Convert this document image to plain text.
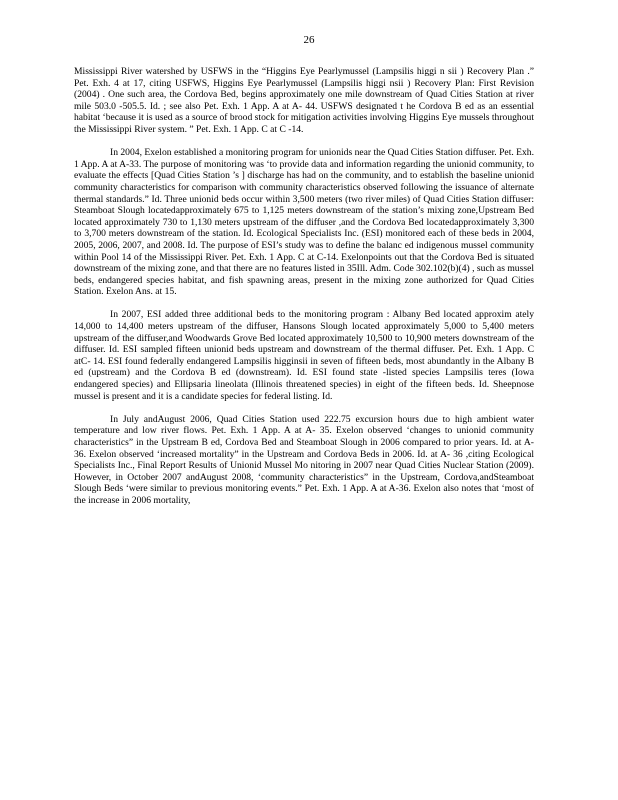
26

Mississippi River watershed by USFWS in the “Higgins Eye Pearlymussel (Lampsilis higgi n sii ) Recovery Plan .” Pet. Exh. 4 at 17, citing USFWS, Higgins Eye Pearlymussel (Lampsilis higgi nsii ) Recovery Plan: First Revision (2004) . One such area, the Cordova Bed, begins approximately one mile downstream of Quad Cities Station at river mile 503.0 -505.5. Id. ; see also Pet. Exh. 1 App. A at A- 44. USFWS designated t he Cordova B ed as an essential habitat ‘because it is used as a source of brood stock for mitigation activities involving Higgins Eye mussels throughout the Mississippi River system. ” Pet. Exh. 1 App. C at C -14.

In 2004, Exelon established a monitoring program for unionids near the Quad Cities Station diffuser. Pet. Exh. 1 App. A at A-33. The purpose of monitoring was ‘to provide data and information regarding the unionid community, to evaluate the effects [Quad Cities Station ’s ] discharge has had on the community, and to establish the baseline unionid community characteristics for comparison with community characteristics observed following the issuance of alternate thermal standards.” Id. Three unionid beds occur within 3,500 meters (two river miles) of Quad Cities Station diffuser: Steamboat Slough locatedapproximately 675 to 1,125 meters downstream of the station’s mixing zone,Upstream Bed located approximately 730 to 1,130 meters upstream of the diffuser ,and the Cordova Bed locatedapproximately 3,300 to 3,700 meters downstream of the station. Id. Ecological Specialists Inc. (ESI) monitored each of these beds in 2004, 2005, 2006, 2007, and 2008. Id. The purpose of ESI’s study was to define the balanc ed indigenous mussel community within Pool 14 of the Mississippi River. Pet. Exh. 1 App. C at C-14. Exelonpoints out that the Cordova Bed is situated downstream of the mixing zone, and that there are no features listed in 35Ill. Adm. Code 302.102(b)(4) , such as mussel beds, endangered species habitat, and fish spawning areas, present in the mixing zone authorized for Quad Cities Station. Exelon Ans. at 15.

In 2007, ESI added three additional beds to the monitoring program : Albany Bed located approxim ately 14,000 to 14,400 meters upstream of the diffuser, Hansons Slough located approximately 5,000 to 5,400 meters upstream of the diffuser,and Woodwards Grove Bed located approximately 10,500 to 10,900 meters downstream of the diffuser. Id. ESI sampled fifteen unionid beds upstream and downstream of the thermal diffuser. Pet. Exh. 1 App. C atC- 14. ESI found federally endangered Lampsilis higginsii in seven of fifteen beds, most abundantly in the Albany B ed (upstream) and the Cordova B ed (downstream). Id. ESI found state -listed species Lampsilis teres (Iowa endangered species) and Ellipsaria lineolata (Illinois threatened species) in eight of the fifteen beds. Id. Sheepnose mussel is present and it is a candidate species for federal listing. Id.

In July andAugust 2006, Quad Cities Station used 222.75 excursion hours due to high ambient water temperature and low river flows. Pet. Exh. 1 App. A at A- 35. Exelon observed ‘changes to unionid community characteristics” in the Upstream B ed, Cordova Bed and Steamboat Slough in 2006 compared to prior years. Id. at A- 36. Exelon observed ‘increased mortality” in the Upstream and Cordova Beds in 2006. Id. at A- 36 ,citing Ecological Specialists Inc., Final Report Results of Unionid Mussel Mo nitoring in 2007 near Quad Cities Nuclear Station (2009). However, in October 2007 andAugust 2008, ‘community characteristics” in the Upstream, Cordova,andSteamboat Slough Beds ‘were similar to previous monitoring events.” Pet. Exh. 1 App. A at A-36. Exelon also notes that ‘most of the increase in 2006 mortality,
